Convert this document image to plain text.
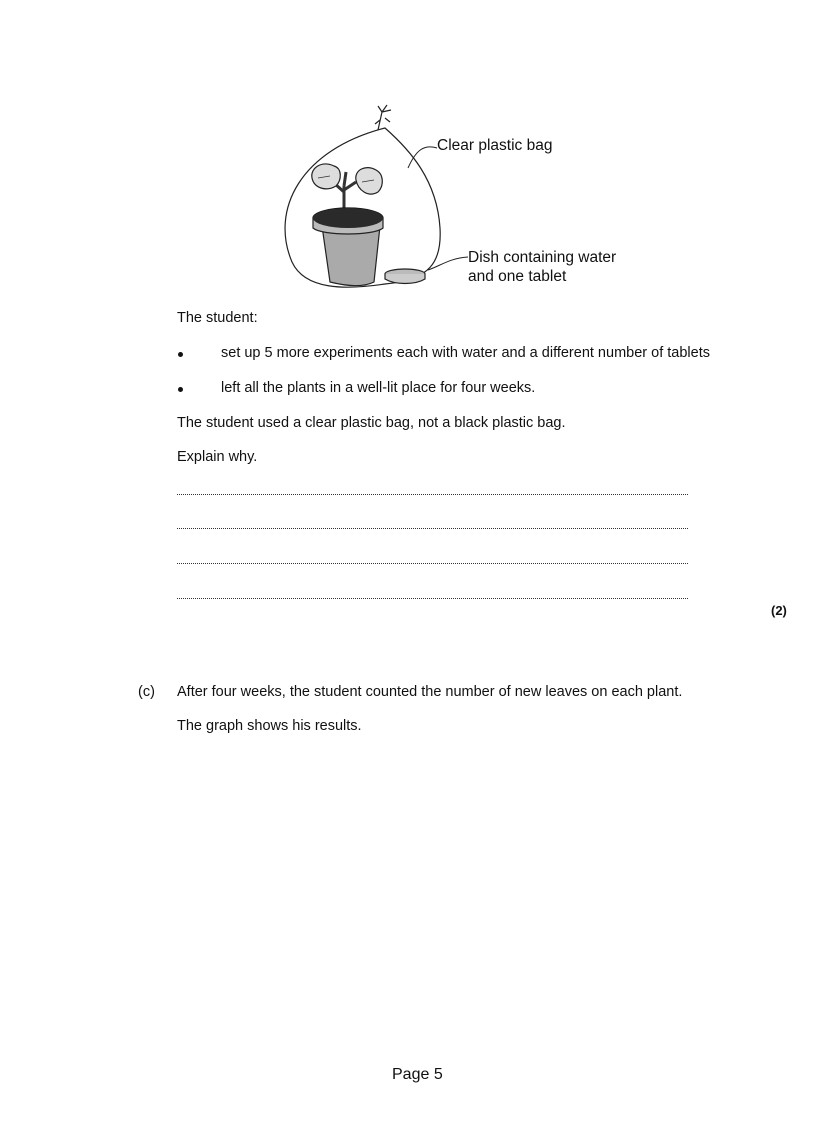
Clear plastic bag

Dish containing water

and one tablet

The student:

set up 5 more experiments each with water and a different number of tablets

left all the plants in a well-lit place for four weeks.

The student used a clear plastic bag, not a black plastic bag.

Explain why.

(2)

(c) After four weeks, the student counted the number of new leaves on each plant.

The graph shows his results.

Page 5
